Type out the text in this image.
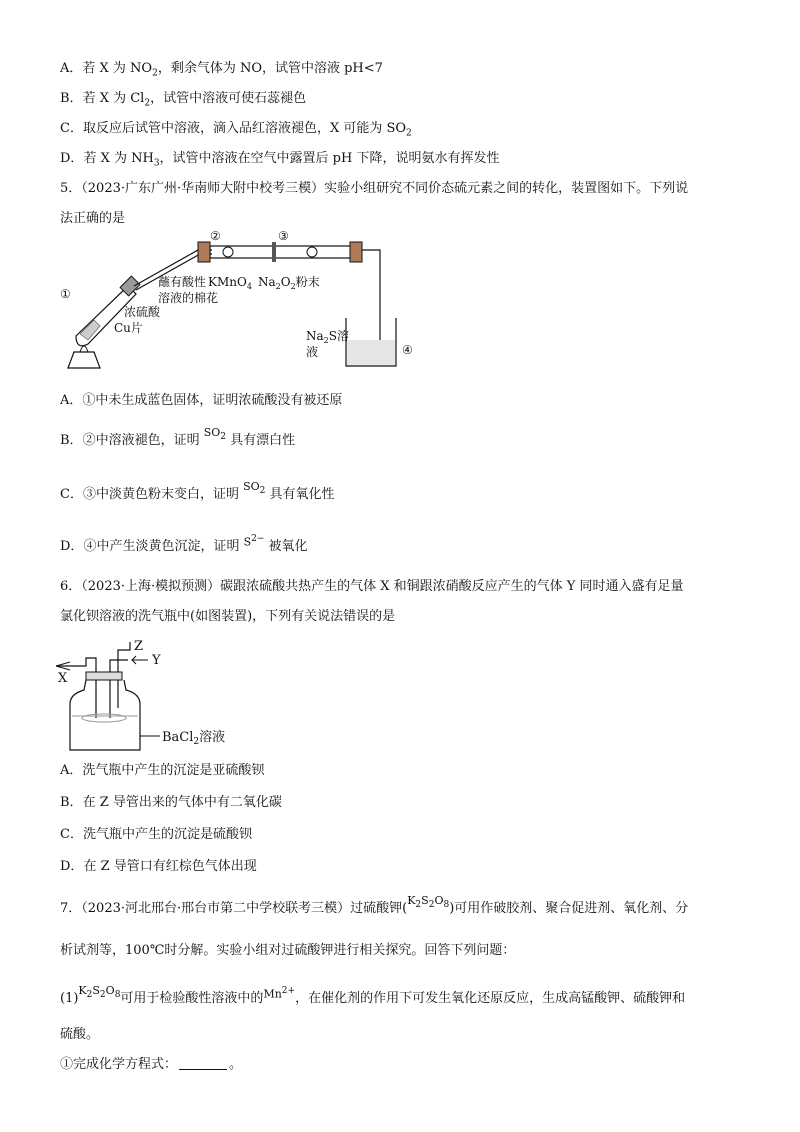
A．若 X 为 $NO_2$，剩余气体为 NO，试管中溶液 pH<7
B．若 X 为 $Cl_2$，试管中溶液可使石蕊褪色
C．取反应后试管中溶液，滴入品红溶液褪色，X 可能为 $SO_2$
D．若 X 为 $NH_3$，试管中溶液在空气中露置后 pH 下降，说明氨水有挥发性
5．（2023·广东广州·华南师大附中校考三模）实验小组研究不同价态硫元素之间的转化，装置图如下。下列说
法正确的是
①
②	③
④
蘸有酸性 KMnO$_4$
溶液的棉花
$Na_2O_2$粉末
浓硫酸
Cu片
$Na_2S$溶
液
A．①中未生成蓝色固体，证明浓硫酸没有被还原
B．②中溶液褪色，证明 $SO_2$ 具有漂白性
C．③中淡黄色粉末变白，证明 $SO_2$ 具有氧化性
D．④中产生淡黄色沉淀，证明 $S^{2-}$ 被氧化
6．（2023·上海·模拟预测）碳跟浓硫酸共热产生的气体 X 和铜跟浓硝酸反应产生的气体 Y 同时通入盛有足量
氯化钡溶液的洗气瓶中(如图装置)，下列有关说法错误的是
X
Z
Y
BaCl$_2$溶液
A．洗气瓶中产生的沉淀是亚硫酸钡
B．在 Z 导管出来的气体中有二氧化碳
C．洗气瓶中产生的沉淀是硫酸钡
D．在 Z 导管口有红棕色气体出现
7．（2023·河北邢台·邢台市第二中学校联考三模）过硫酸钾$(K_2S_2O_8)$可用作破胶剂、聚合促进剂、氧化剂、分
析试剂等，100℃时分解。实验小组对过硫酸钾进行相关探究。回答下列问题：
$(1)K_2S_2O_8$可用于检验酸性溶液中的$Mn^{2+}$，在催化剂的作用下可发生氧化还原反应，生成高锰酸钾、硫酸钾和
硫酸。
①完成化学方程式：	。
